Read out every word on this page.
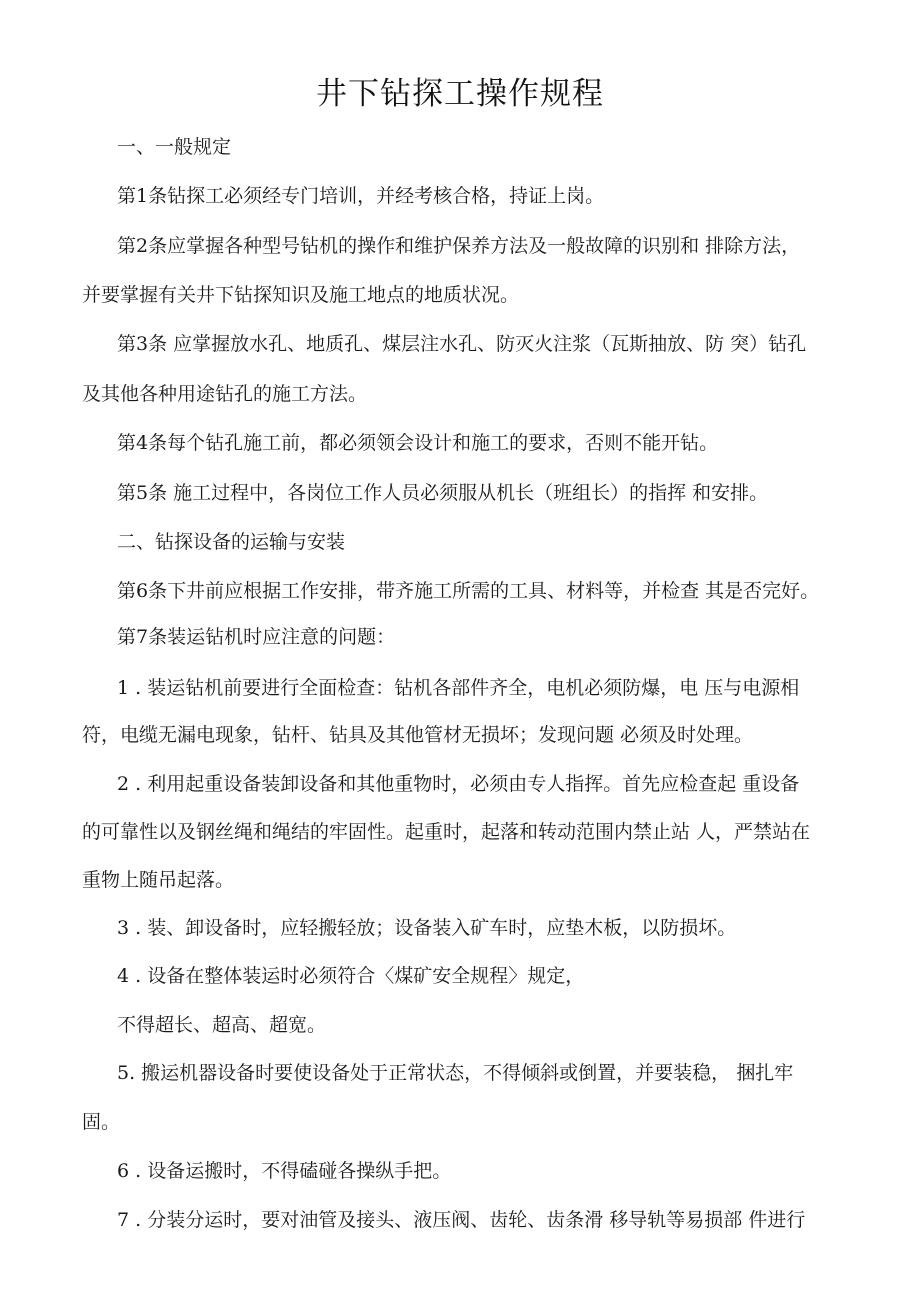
井下钻探工操作规程

一、一般规定

第1条钻探工必须经专门培训，并经考核合格，持证上岗。

第2条应掌握各种型号钻机的操作和维护保养方法及一般故障的识别和 排除方法，

并要掌握有关井下钻探知识及施工地点的地质状况。

第3条 应掌握放水孔、地质孔、煤层注水孔、防灭火注浆（瓦斯抽放、防 突）钻孔

及其他各种用途钻孔的施工方法。

第4条每个钻孔施工前，都必须领会设计和施工的要求，否则不能开钻。

第5条 施工过程中，各岗位工作人员必须服从机长（班组长）的指挥 和安排。

二、钻探设备的运输与安装

第6条下井前应根据工作安排，带齐施工所需的工具、材料等，并检查 其是否完好。

第7条装运钻机时应注意的问题：

1 . 装运钻机前要进行全面检查：钻机各部件齐全，电机必须防爆，电 压与电源相

符，电缆无漏电现象，钻杆、钻具及其他管材无损坏；发现问题 必须及时处理。

2 . 利用起重设备装卸设备和其他重物时，必须由专人指挥。首先应检查起 重设备

的可靠性以及钢丝绳和绳结的牢固性。起重时，起落和转动范围内禁止站 人，严禁站在

重物上随吊起落。

3 . 装、卸设备时，应轻搬轻放；设备装入矿车时，应垫木板，以防损坏。

4 . 设备在整体装运时必须符合〈煤矿安全规程〉规定，

不得超长、超高、超宽。

5. 搬运机器设备时要使设备处于正常状态，不得倾斜或倒置，并要装稳， 捆扎牢

固。

6 . 设备运搬时，不得磕碰各操纵手把。

7 . 分装分运时，要对油管及接头、液压阀、齿轮、齿条滑 移导轨等易损部 件进行
